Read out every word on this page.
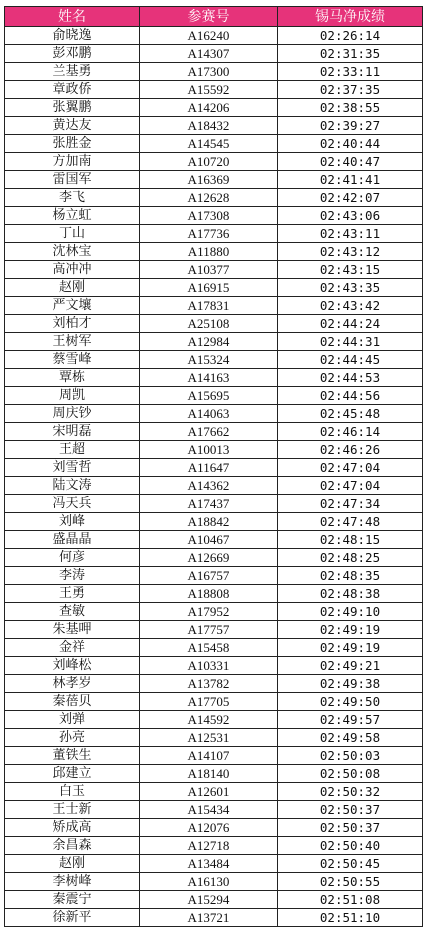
姓名	参赛号	锡马净成绩
俞晓逸	A16240	02:26:14
彭邓鹏	A14307	02:31:35
兰基勇	A17300	02:33:11
章政侨	A15592	02:37:35
张翼鹏	A14206	02:38:55
黄达友	A18432	02:39:27
张胜金	A14545	02:40:44
方加南	A10720	02:40:47
雷国军	A16369	02:41:41
李飞	A12628	02:42:07
杨立虹	A17308	02:43:06
丁山	A17736	02:43:11
沈林宝	A11880	02:43:12
高冲冲	A10377	02:43:15
赵刚	A16915	02:43:35
严文壤	A17831	02:43:42
刘柏才	A25108	02:44:24
王树军	A12984	02:44:31
蔡雪峰	A15324	02:44:45
覃栋	A14163	02:44:53
周凯	A15695	02:44:56
周庆钞	A14063	02:45:48
宋明磊	A17662	02:46:14
王超	A10013	02:46:26
刘雪哲	A11647	02:47:04
陆文涛	A14362	02:47:04
冯天兵	A17437	02:47:34
刘峰	A18842	02:47:48
盛晶晶	A10467	02:48:15
何彦	A12669	02:48:25
李涛	A16757	02:48:35
王勇	A18808	02:48:38
查敏	A17952	02:49:10
朱基呷	A17757	02:49:19
金祥	A15458	02:49:19
刘峰松	A10331	02:49:21
林孝岁	A13782	02:49:38
秦蓓贝	A17705	02:49:50
刘弹	A14592	02:49:57
孙亮	A12531	02:49:58
董铁生	A14107	02:50:03
邱建立	A18140	02:50:08
白玉	A12601	02:50:32
王士新	A15434	02:50:37
矫成高	A12076	02:50:37
余昌森	A12718	02:50:40
赵刚	A13484	02:50:45
李树峰	A16130	02:50:55
秦震宁	A15294	02:51:08
徐新平	A13721	02:51:10
